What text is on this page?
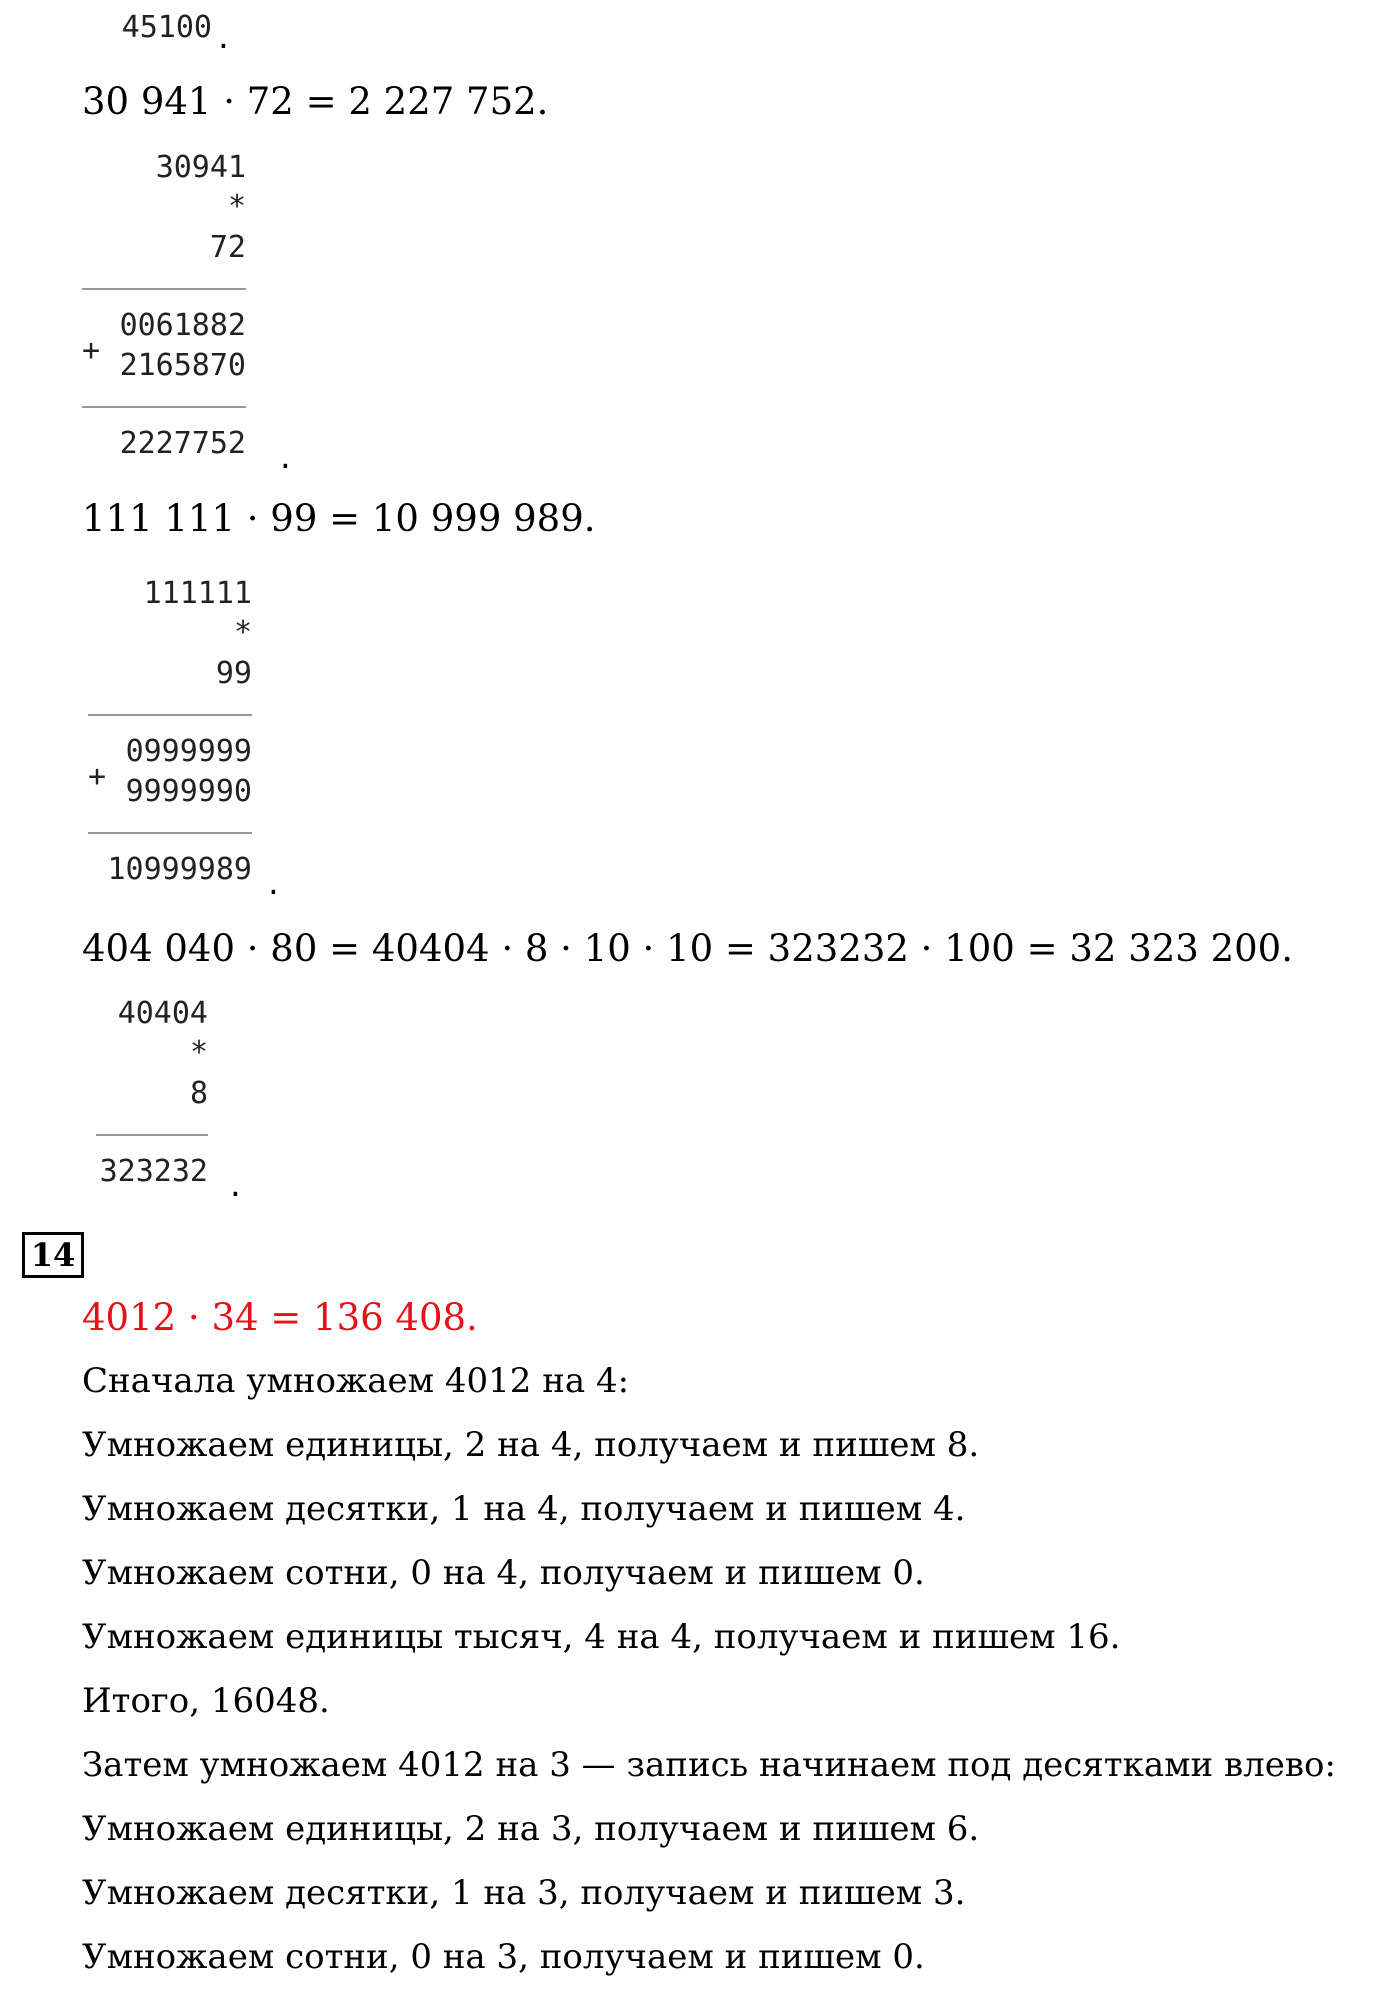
45100 .

30 941 · 72 = 2 227 752.

30941
*
72
+
0061882
2165870
2227752 .

111 111 · 99 = 10 999 989.

111111
*
99
+
0999999
9999990
10999989 .

404 040 · 80 = 40404 · 8 · 10 · 10 = 323232 · 100 = 32 323 200.

40404
*
8
323232 .
14

4012 · 34 = 136 408.

Сначала умножаем 4012 на 4:

Умножаем единицы, 2 на 4, получаем и пишем 8.

Умножаем десятки, 1 на 4, получаем и пишем 4.

Умножаем сотни, 0 на 4, получаем и пишем 0.

Умножаем единицы тысяч, 4 на 4, получаем и пишем 16.

Итого, 16048.

Затем умножаем 4012 на 3 — запись начинаем под десятками влево:

Умножаем единицы, 2 на 3, получаем и пишем 6.

Умножаем десятки, 1 на 3, получаем и пишем 3.

Умножаем сотни, 0 на 3, получаем и пишем 0.
